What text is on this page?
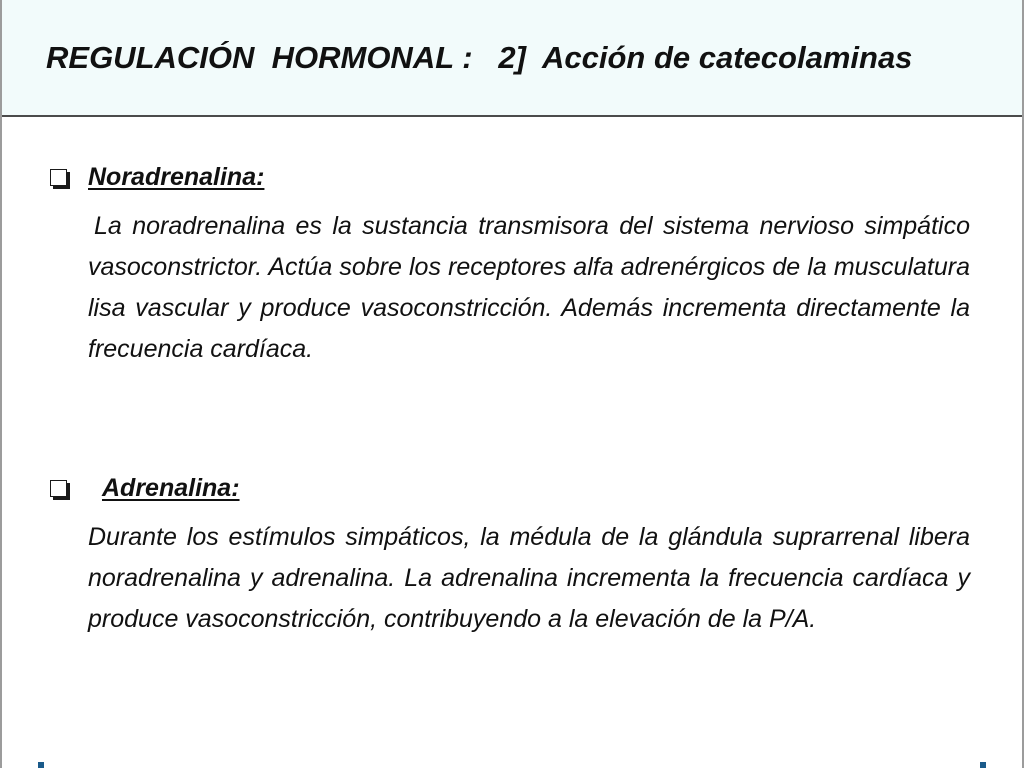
REGULACIÓN  HORMONAL :   2]  Acción de catecolaminas
Noradrenalina:

La noradrenalina es la sustancia transmisora del sistema nervioso simpático vasoconstrictor. Actúa sobre los receptores alfa adrenérgicos de la musculatura lisa vascular y produce vasoconstricción. Además incrementa directamente la frecuencia cardíaca.

Adrenalina:

Durante los estímulos simpáticos, la médula de la glándula suprarrenal libera noradrenalina y adrenalina. La adrenalina incrementa la frecuencia cardíaca y produce vasoconstricción, contribuyendo a la elevación de la P/A.
